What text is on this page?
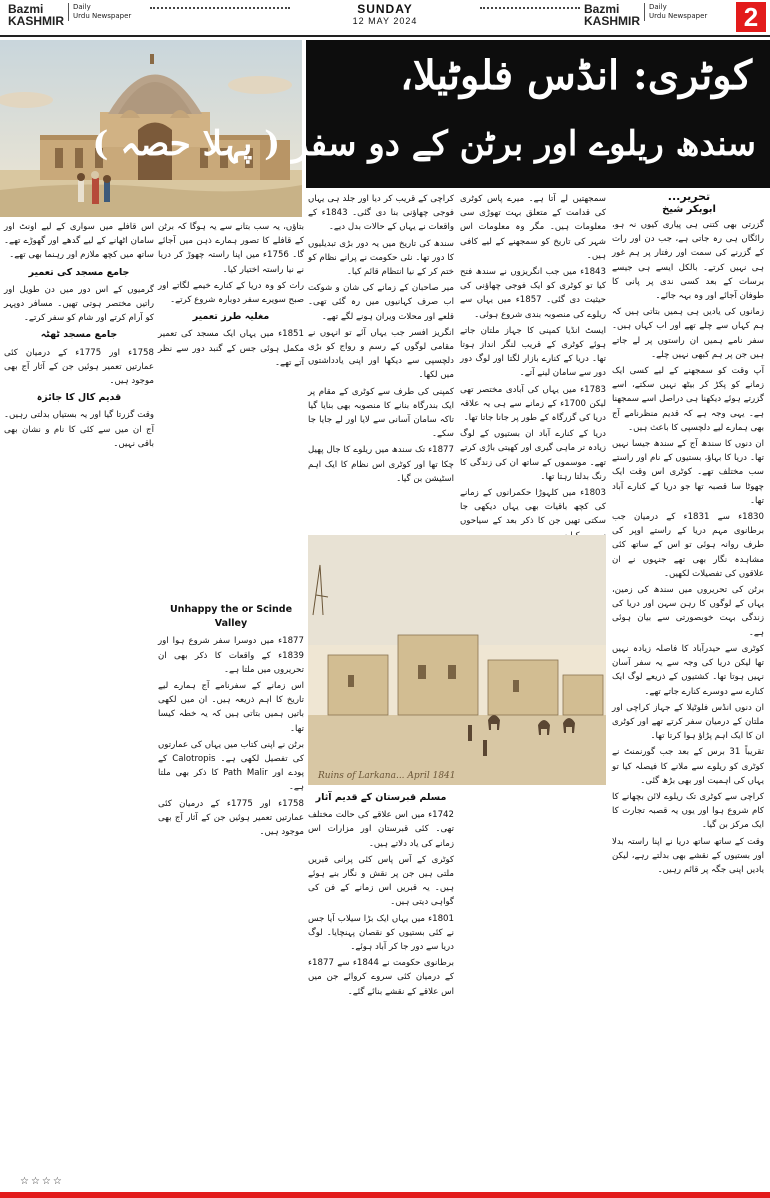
Bazmi
KASHMIR
Daily
Urdu Newspaper	SUNDAY
12 MAY 2024
Bazmi
KASHMIR
Daily
Urdu Newspaper 2
کوٹری: انڈس فلوٹیلا،
سندھ ریلوے اور برٹن کے دو سفر ( پہلا حصہ )
تحریر...
ابوبکر شیخ

گزرتی بھی کتنی ہی پیاری کیوں نہ ہو، رائگاں ہی رہ جاتی ہے، جب دن اور رات کے گزرنے کی سمت اور رفتار پر ہم غور ہی نہیں کرتے۔ بالکل ایسے ہی جیسے برسات کے بعد کسی ندی پر پانی کا طوفان آجائے اور وہ بہہ جائے۔

زمانوں کی یادیں ہی ہمیں بتاتی ہیں کہ ہم کہاں سے چلے تھے اور اب کہاں ہیں۔ سفر نامے ہمیں ان راستوں پر لے جاتے ہیں جن پر ہم کبھی نہیں چلے۔

آپ وقت کو سمجھنے کے لیے کسی ایک زمانے کو پکڑ کر بیٹھ نہیں سکتے، اسے گزرتے ہوئے دیکھنا ہی دراصل اسے سمجھنا ہے۔ یہی وجہ ہے کہ قدیم منظرنامے آج بھی ہمارے لیے دلچسپی کا باعث ہیں۔

ان دنوں کا سندھ آج کے سندھ جیسا نہیں تھا۔ دریا کا بہاؤ، بستیوں کے نام اور راستے سب مختلف تھے۔ کوٹری اس وقت ایک چھوٹا سا قصبہ تھا جو دریا کے کنارے آباد تھا۔

1830ء سے 1831ء کے درمیان جب برطانوی مہم دریا کے راستے اوپر کی طرف روانہ ہوئی تو اس کے ساتھ کئی مشاہدہ نگار بھی تھے جنہوں نے ان علاقوں کی تفصیلات لکھیں۔

برٹن کی تحریروں میں سندھ کی زمین، یہاں کے لوگوں کا رہن سہن اور دریا کی زندگی بہت خوبصورتی سے بیان ہوئی ہے۔

کوٹری سے حیدرآباد کا فاصلہ زیادہ نہیں تھا لیکن دریا کی وجہ سے یہ سفر آسان نہیں ہوتا تھا۔ کشتیوں کے ذریعے لوگ ایک کنارے سے دوسرے کنارے جاتے تھے۔

ان دنوں انڈس فلوٹیلا کے جہاز کراچی اور ملتان کے درمیان سفر کرتے تھے اور کوٹری ان کا ایک اہم پڑاؤ ہوا کرتا تھا۔

تقریباً 31 برس کے بعد جب گورنمنٹ نے کوٹری کو ریلوے سے ملانے کا فیصلہ کیا تو یہاں کی اہمیت اور بھی بڑھ گئی۔

کراچی سے کوٹری تک ریلوے لائن بچھانے کا کام شروع ہوا اور یوں یہ قصبہ تجارت کا ایک مرکز بن گیا۔

وقت کے ساتھ ساتھ دریا نے اپنا راستہ بدلا اور بستیوں کے نقشے بھی بدلتے رہے، لیکن یادیں اپنی جگہ پر قائم رہیں۔

سمجھتیں لے آتا ہے۔ میرے پاس کوٹری کی قدامت کے متعلق بہت تھوڑی سی معلومات ہیں۔ مگر وہ معلومات اس شہر کی تاریخ کو سمجھنے کے لیے کافی ہیں۔

1843ء میں جب انگریزوں نے سندھ فتح کیا تو کوٹری کو ایک فوجی چھاؤنی کی حیثیت دی گئی۔ 1857ء میں یہاں سے ریلوے کی منصوبہ بندی شروع ہوئی۔

ایسٹ انڈیا کمپنی کا جہاز ملتان جاتے ہوئے کوٹری کے قریب لنگر انداز ہوتا تھا۔ دریا کے کنارے بازار لگتا اور لوگ دور دور سے سامان لینے آتے۔

1783ء میں یہاں کی آبادی مختصر تھی لیکن 1700ء کے زمانے سے ہی یہ علاقہ دریا کی گزرگاہ کے طور پر جانا جاتا تھا۔

دریا کے کنارے آباد ان بستیوں کے لوگ زیادہ تر ماہی گیری اور کھیتی باڑی کرتے تھے۔ موسموں کے ساتھ ان کی زندگی کا رنگ بدلتا رہتا تھا۔

1803ء میں کلہوڑا حکمرانوں کے زمانے کی کچھ باقیات بھی یہاں دیکھی جا سکتی تھیں جن کا ذکر بعد کے سیاحوں

کراچی کے قریب کر دیا اور جلد ہی یہاں فوجی چھاؤنی بنا دی گئی۔ 1843ء کے واقعات نے یہاں کے حالات بدل دیے۔

سندھ کی تاریخ میں یہ دور بڑی تبدیلیوں کا دور تھا۔ نئی حکومت نے پرانے نظام کو ختم کر کے نیا انتظام قائم کیا۔

میر صاحبان کے زمانے کی شان و شوکت اب صرف کہانیوں میں رہ گئی تھی۔ قلعے اور محلات ویران ہونے لگے تھے۔

انگریز افسر جب یہاں آئے تو انہوں نے مقامی لوگوں کے رسم و رواج کو بڑی دلچسپی سے دیکھا اور اپنی یادداشتوں میں لکھا۔

کمپنی کی طرف سے کوٹری کے مقام پر ایک بندرگاہ بنانے کا منصوبہ بھی بنایا گیا تاکہ سامان آسانی سے لایا اور لے جایا جا سکے۔

1877ء تک سندھ میں ریلوے کا جال پھیل چکا تھا اور کوٹری اس نظام کا ایک اہم اسٹیشن بن گیا۔

Ruins of Larkana... April 1841

مسلم قبرستان کے قدیم آثار

1742ء میں اس علاقے کی حالت مختلف تھی۔ کئی قبرستان اور مزارات اس زمانے کی یاد دلاتے ہیں۔

کوٹری کے آس پاس کئی پرانی قبریں ملتی ہیں جن پر نقش و نگار بنے ہوئے ہیں۔ یہ قبریں اس زمانے کے فن کی گواہی دیتی ہیں۔

1801ء میں یہاں ایک بڑا سیلاب آیا جس نے کئی بستیوں کو نقصان پہنچایا۔ لوگ دریا سے دور جا کر آباد ہوئے۔

برطانوی حکومت نے 1844ء سے 1877ء کے درمیان کئی سروے کروائے جن میں اس علاقے کے نقشے بنائے گئے۔

Unhappy the or Scinde Valley

1877ء میں دوسرا سفر شروع ہوا اور 1839ء کے واقعات کا ذکر بھی ان تحریروں میں ملتا ہے۔

اس زمانے کے سفرنامے آج ہمارے لیے تاریخ کا اہم ذریعہ ہیں۔ ان میں لکھی باتیں ہمیں بتاتی ہیں کہ یہ خطہ کیسا تھا۔

برٹن نے اپنی کتاب میں یہاں کی عمارتوں کی تفصیل لکھی ہے۔ Calotropis کے پودے اور Path Malir کا ذکر بھی ملتا ہے۔

1758ء اور 1775ء کے درمیان کئی عمارتیں تعمیر ہوئیں جن کے آثار آج بھی موجود ہیں۔

بتاؤں، یہ سب بتانے سے یہ ہوگا کہ برٹن کے قافلے کا تصور ہمارے ذہن میں آجائے گا۔ 1756ء میں اپنا راستہ چھوڑ کر دریا نے نیا راستہ اختیار کیا۔

رات کو وہ دریا کے کنارے خیمے لگاتے اور صبح سویرے سفر دوبارہ شروع کرتے۔

مغلیہ طرز تعمیر

1851ء میں یہاں ایک مسجد کی تعمیر مکمل ہوئی جس کے گنبد دور سے نظر آتے تھے۔

اس قافلے میں سواری کے لیے اونٹ اور سامان اٹھانے کے لیے گدھے اور گھوڑے تھے۔ ساتھ میں کچھ ملازم اور رہنما بھی تھے۔

جامع مسجد کی تعمیر

گرمیوں کے اس دور میں دن طویل اور راتیں مختصر ہوتی تھیں۔ مسافر دوپہر کو آرام کرتے اور شام کو سفر کرتے۔

جامع مسجد ٹھٹہ

1758ء اور 1775ء کے درمیان کئی عمارتیں تعمیر ہوئیں جن کے آثار آج بھی موجود ہیں۔

قدیم کال کا جائزہ

وقت گزرتا گیا اور یہ بستیاں بدلتی رہیں۔ آج ان میں سے کئی کا نام و نشان بھی باقی نہیں۔

☆☆☆☆
